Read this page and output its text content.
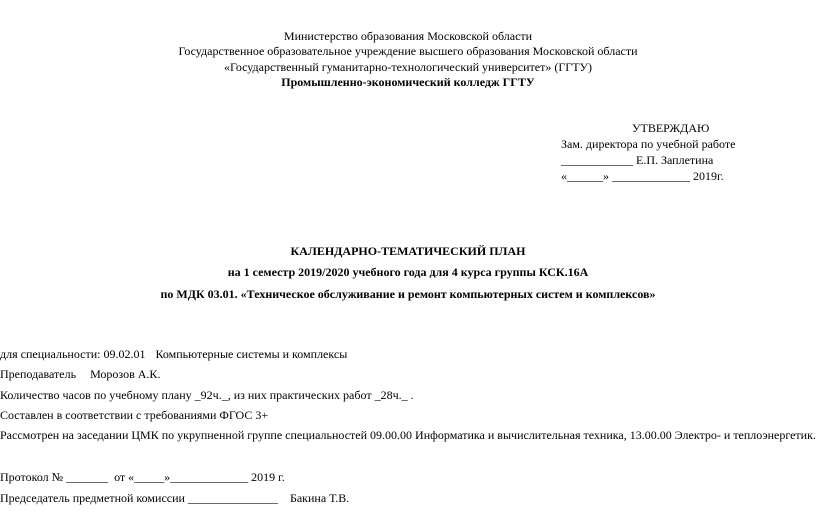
Министерство образования Московской области
Государственное образовательное учреждение высшего образования Московской области
«Государственный гуманитарно-технологический университет» (ГГТУ)
Промышленно-экономический колледж ГГТУ
УТВЕРЖДАЮ
Зам. директора по учебной работе
____________ Е.П. Заплетина
«______» _____________ 2019г.
КАЛЕНДАРНО-ТЕМАТИЧЕСКИЙ ПЛАН
на 1 семестр 2019/2020 учебного года для 4 курса группы КСК.16А
по МДК 03.01. «Техническое обслуживание и ремонт компьютерных систем и комплексов»
для специальности: 09.02.01 Компьютерные системы и комплексы
Преподаватель Морозов А.К.
Количество часов по учебному плану _92ч._, из них практических работ _28ч._ .
Составлен в соответствии с требованиями ФГОС 3+
Рассмотрен на заседании ЦМК по укрупненной группе специальностей 09.00.00 Информатика и вычислительная техника, 13.00.00 Электро- и теплоэнергетик.
Протокол № _______  от «_____»_____________ 2019 г.
Председатель предметной комиссии _______________ Бакина Т.В.
